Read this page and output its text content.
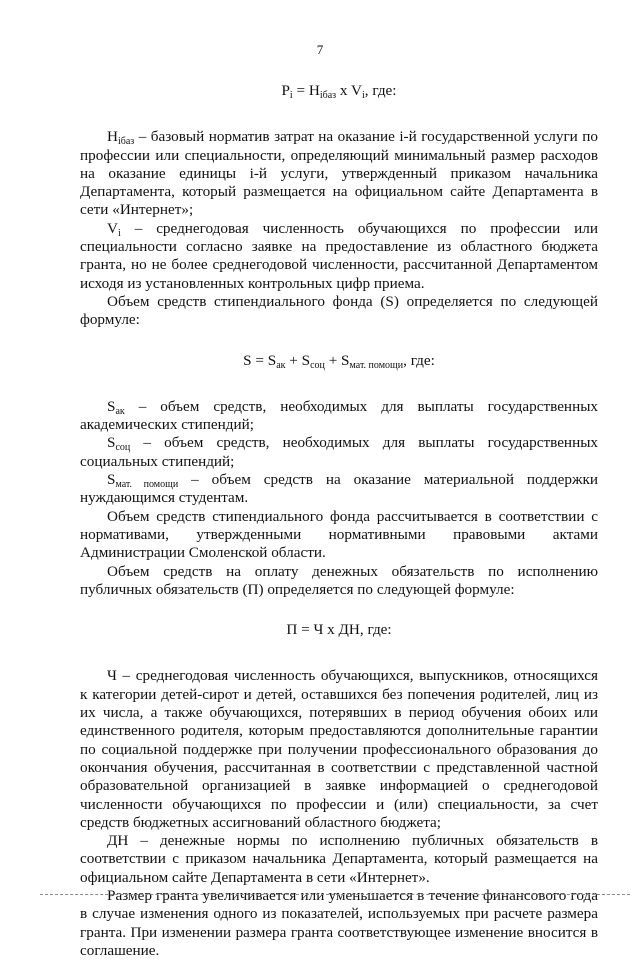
7

$P_i = H_{iбаз}$ x $V_i$, где:

$H_{iбаз}$ – базовый норматив затрат на оказание i-й государственной услуги по профессии или специальности, определяющий минимальный размер расходов на оказание единицы i-й услуги, утвержденный приказом начальника Департамента, который размещается на официальном сайте Департамента в сети «Интернет»;

$V_i$ – среднегодовая численность обучающихся по профессии или специальности согласно заявке на предоставление из областного бюджета гранта, но не более среднегодовой численности, рассчитанной Департаментом исходя из установленных контрольных цифр приема.

Объем средств стипендиального фонда (S) определяется по следующей формуле:

$S = S_{ак} + S_{соц} + S_{мат. помощи}$, где:

$S_{ак}$ – объем средств, необходимых для выплаты государственных академических стипендий;

$S_{соц}$ – объем средств, необходимых для выплаты государственных социальных стипендий;

$S_{мат. помощи}$ – объем средств на оказание материальной поддержки нуждающимся студентам.

Объем средств стипендиального фонда рассчитывается в соответствии с нормативами, утвержденными нормативными правовыми актами Администрации Смоленской области.

Объем средств на оплату денежных обязательств по исполнению публичных обязательств (П) определяется по следующей формуле:

П = Ч х ДН, где:

Ч – среднегодовая численность обучающихся, выпускников, относящихся к категории детей-сирот и детей, оставшихся без попечения родителей, лиц из их числа, а также обучающихся, потерявших в период обучения обоих или единственного родителя, которым предоставляются дополнительные гарантии по социальной поддержке при получении профессионального образования до окончания обучения, рассчитанная в соответствии с представленной частной образовательной организацией в заявке информацией о среднегодовой численности обучающихся по профессии и (или) специальности, за счет средств бюджетных ассигнований областного бюджета;

ДН – денежные нормы по исполнению публичных обязательств в соответствии с приказом начальника Департамента, который размещается на официальном сайте Департамента в сети «Интернет».

Размер гранта увеличивается или уменьшается в течение финансового года в случае изменения одного из показателей, используемых при расчете размера гранта. При изменении размера гранта соответствующее изменение вносится в соглашение.
